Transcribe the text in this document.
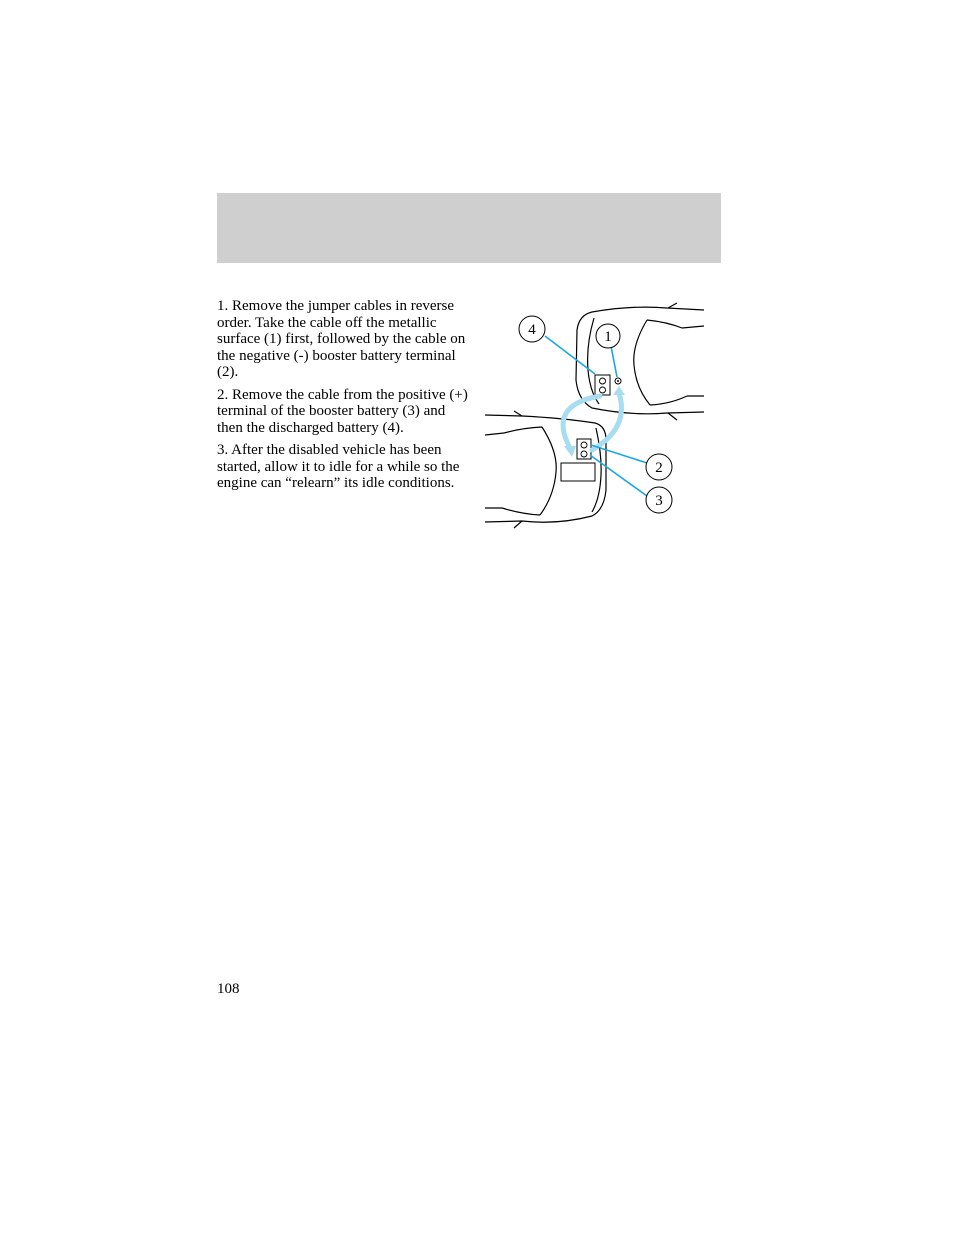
1. Remove the jumper cables in reverse order. Take the cable off the metallic surface (1) first, followed by the cable on the negative (-) booster battery terminal (2).

2. Remove the cable from the positive (+) terminal of the booster battery (3) and then the discharged battery (4).

3. After the disabled vehicle has been started, allow it to idle for a while so the engine can “relearn” its idle conditions.

4	1
2
3
108
